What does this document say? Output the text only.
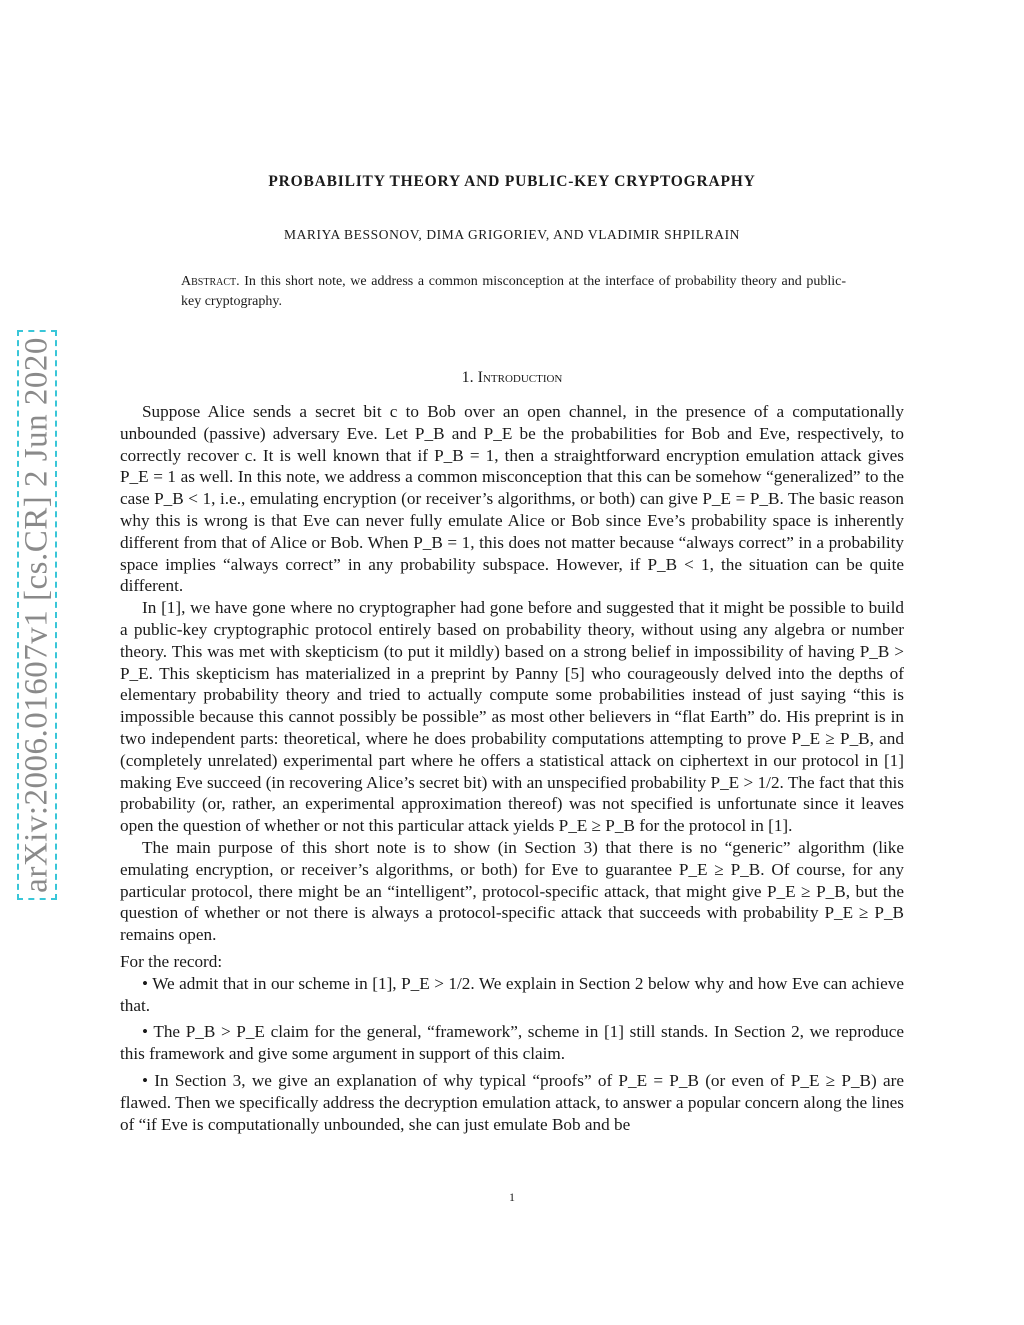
arXiv:2006.01607v1 [cs.CR] 2 Jun 2020
PROBABILITY THEORY AND PUBLIC-KEY CRYPTOGRAPHY
MARIYA BESSONOV, DIMA GRIGORIEV, AND VLADIMIR SHPILRAIN
Abstract. In this short note, we address a common misconception at the interface of probability theory and public-key cryptography.
1. Introduction

Suppose Alice sends a secret bit c to Bob over an open channel, in the presence of a computationally unbounded (passive) adversary Eve. Let P_B and P_E be the probabilities for Bob and Eve, respectively, to correctly recover c. It is well known that if P_B = 1, then a straightforward encryption emulation attack gives P_E = 1 as well. In this note, we address a common misconception that this can be somehow “generalized” to the case P_B < 1, i.e., emulating encryption (or receiver’s algorithms, or both) can give P_E = P_B. The basic reason why this is wrong is that Eve can never fully emulate Alice or Bob since Eve’s probability space is inherently different from that of Alice or Bob. When P_B = 1, this does not matter because “always correct” in a probability space implies “always correct” in any probability subspace. However, if P_B < 1, the situation can be quite different.

In [1], we have gone where no cryptographer had gone before and suggested that it might be possible to build a public-key cryptographic protocol entirely based on probability theory, without using any algebra or number theory. This was met with skepticism (to put it mildly) based on a strong belief in impossibility of having P_B > P_E. This skepticism has materialized in a preprint by Panny [5] who courageously delved into the depths of elementary probability theory and tried to actually compute some probabilities instead of just saying “this is impossible because this cannot possibly be possible” as most other believers in “flat Earth” do. His preprint is in two independent parts: theoretical, where he does probability computations attempting to prove P_E ≥ P_B, and (completely unrelated) experimental part where he offers a statistical attack on ciphertext in our protocol in [1] making Eve succeed (in recovering Alice’s secret bit) with an unspecified probability P_E > 1/2. The fact that this probability (or, rather, an experimental approximation thereof) was not specified is unfortunate since it leaves open the question of whether or not this particular attack yields P_E ≥ P_B for the protocol in [1].

The main purpose of this short note is to show (in Section 3) that there is no “generic” algorithm (like emulating encryption, or receiver’s algorithms, or both) for Eve to guarantee P_E ≥ P_B. Of course, for any particular protocol, there might be an “intelligent”, protocol-specific attack, that might give P_E ≥ P_B, but the question of whether or not there is always a protocol-specific attack that succeeds with probability P_E ≥ P_B remains open.

For the record:

• We admit that in our scheme in [1], P_E > 1/2. We explain in Section 2 below why and how Eve can achieve that.

• The P_B > P_E claim for the general, “framework”, scheme in [1] still stands. In Section 2, we reproduce this framework and give some argument in support of this claim.

• In Section 3, we give an explanation of why typical “proofs” of P_E = P_B (or even of P_E ≥ P_B) are flawed. Then we specifically address the decryption emulation attack, to answer a popular concern along the lines of “if Eve is computationally unbounded, she can just emulate Bob and be

1
